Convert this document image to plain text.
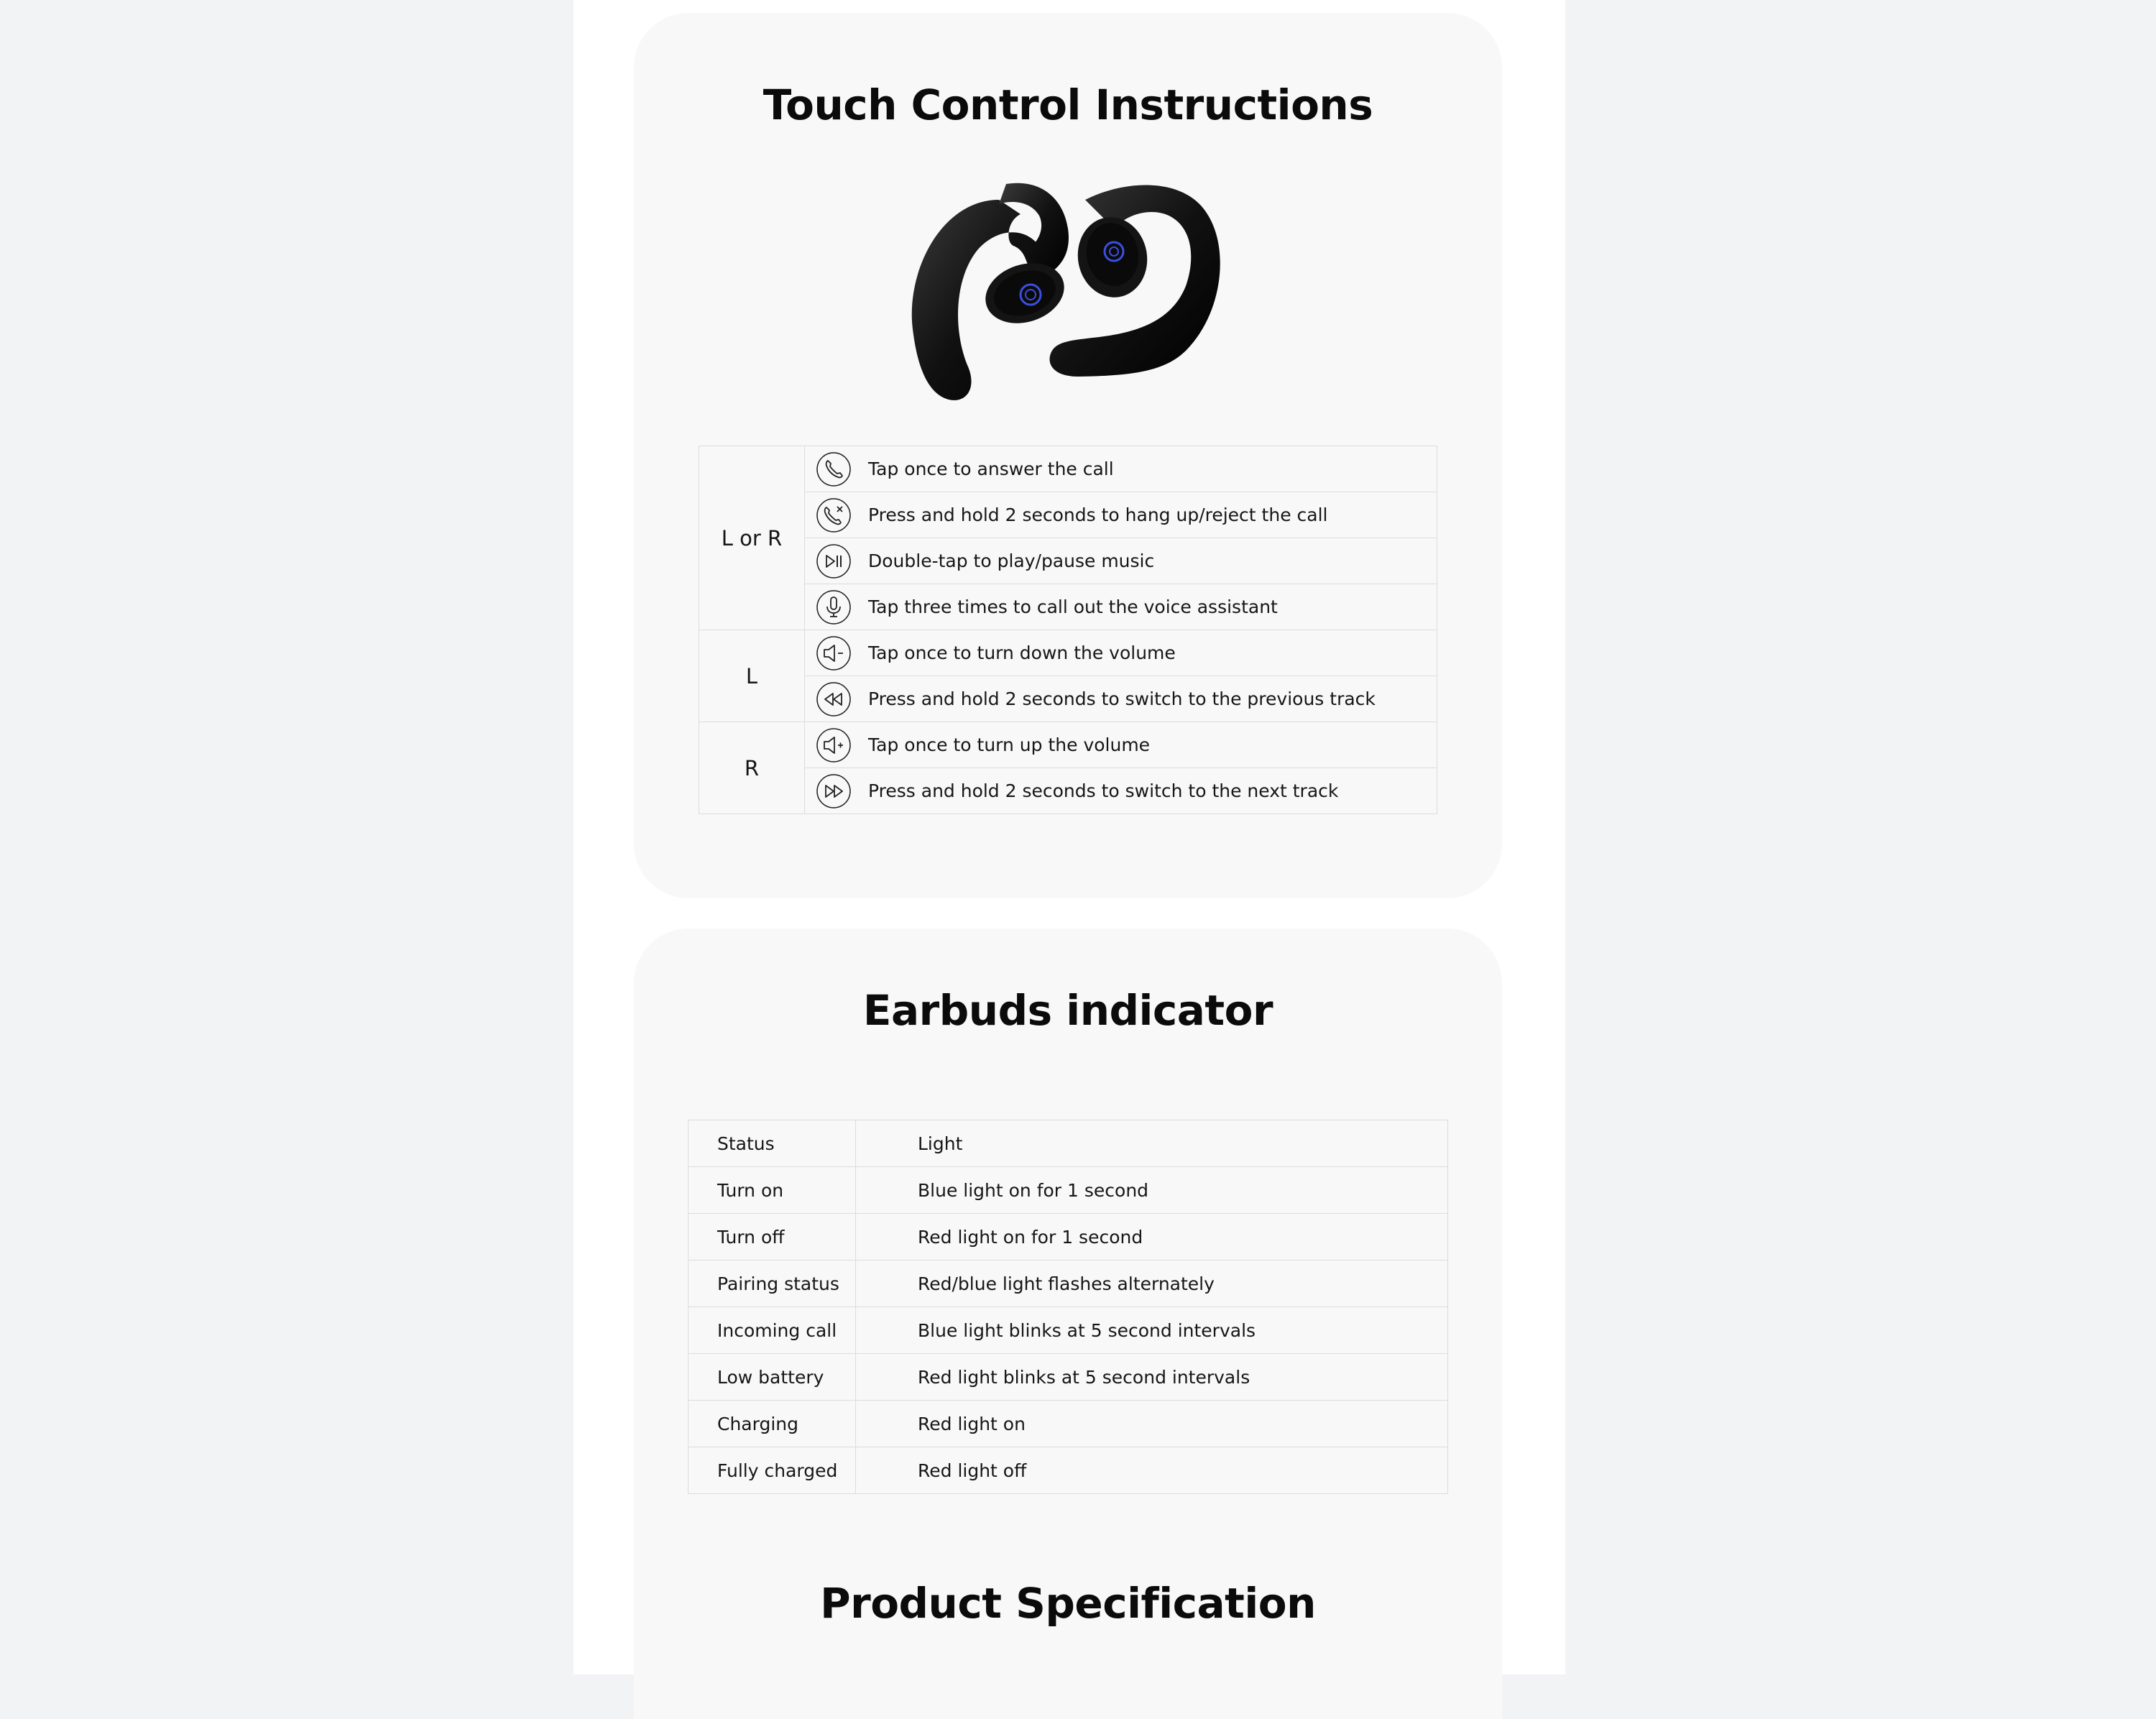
Touch Control Instructions
L or R		Tap once to answer the call

	Press and hold 2 seconds to hang up/reject the call

	Double-tap to play/pause music

	Tap three times to call out the voice assistant
L		Tap once to turn down the volume

	Press and hold 2 seconds to switch to the previous track
R		Tap once to turn up the volume

	Press and hold 2 seconds to switch to the next track
Earbuds indicator
Status	Light
Turn on	Blue light on for 1 second
Turn off	Red light on for 1 second
Pairing status	Red/blue light flashes alternately
Incoming call	Blue light blinks at 5 second intervals
Low battery	Red light blinks at 5 second intervals
Charging	Red light on
Fully charged	Red light off
Product Specification
